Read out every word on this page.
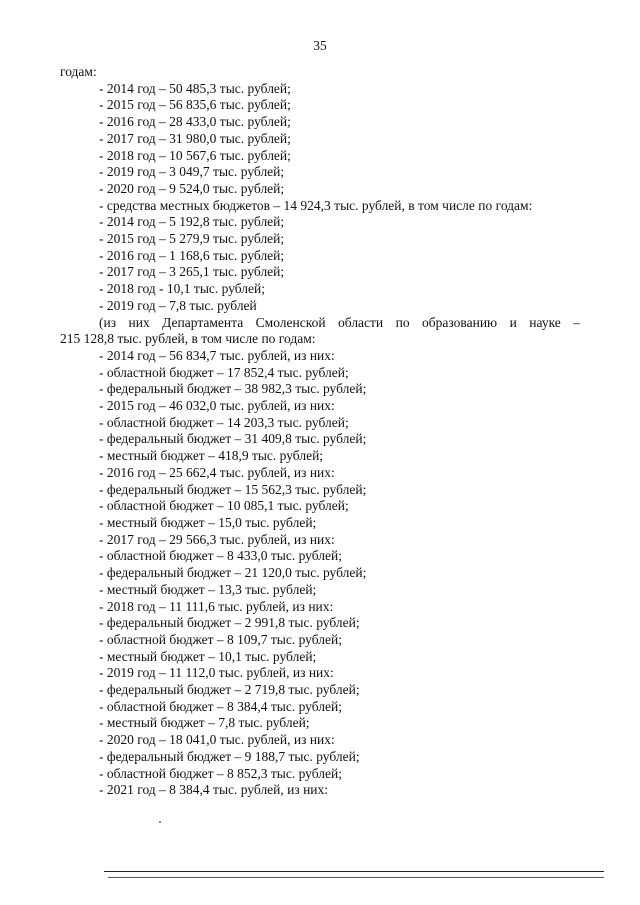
35
годам:
- 2014 год – 50 485,3 тыс. рублей;
- 2015 год – 56 835,6 тыс. рублей;
- 2016 год – 28 433,0 тыс. рублей;
- 2017 год – 31 980,0 тыс. рублей;
- 2018 год – 10 567,6 тыс. рублей;
- 2019 год – 3 049,7 тыс. рублей;
- 2020 год – 9 524,0 тыс. рублей;
- средства местных бюджетов – 14 924,3 тыс. рублей, в том числе по годам:
- 2014 год – 5 192,8 тыс. рублей;
- 2015 год – 5 279,9 тыс. рублей;
- 2016 год – 1 168,6 тыс. рублей;
- 2017 год – 3 265,1 тыс. рублей;
- 2018 год - 10,1 тыс. рублей;
- 2019 год – 7,8 тыс. рублей
(из них Департамента Смоленской области по образованию и науке –
215 128,8 тыс. рублей, в том числе по годам:
- 2014 год – 56 834,7 тыс. рублей, из них:
- областной бюджет – 17 852,4 тыс. рублей;
- федеральный бюджет – 38 982,3 тыс. рублей;
- 2015 год – 46 032,0 тыс. рублей, из них:
- областной бюджет – 14 203,3 тыс. рублей;
- федеральный бюджет – 31 409,8 тыс. рублей;
- местный бюджет – 418,9 тыс. рублей;
- 2016 год – 25 662,4 тыс. рублей, из них:
- федеральный бюджет – 15 562,3 тыс. рублей;
- областной бюджет – 10 085,1 тыс. рублей;
- местный бюджет – 15,0 тыс. рублей;
- 2017 год – 29 566,3 тыс. рублей, из них:
- областной бюджет – 8 433,0 тыс. рублей;
- федеральный бюджет – 21 120,0 тыс. рублей;
- местный бюджет – 13,3 тыс. рублей;
- 2018 год – 11 111,6 тыс. рублей, из них:
- федеральный бюджет – 2 991,8 тыс. рублей;
- областной бюджет – 8 109,7 тыс. рублей;
- местный бюджет – 10,1 тыс. рублей;
- 2019 год – 11 112,0 тыс. рублей, из них:
- федеральный бюджет – 2 719,8 тыс. рублей;
- областной бюджет – 8 384,4 тыс. рублей;
- местный бюджет – 7,8 тыс. рублей;
- 2020 год – 18 041,0 тыс. рублей, из них:
- федеральный бюджет – 9 188,7 тыс. рублей;
- областной бюджет – 8 852,3 тыс. рублей;
- 2021 год – 8 384,4 тыс. рублей, из них:
